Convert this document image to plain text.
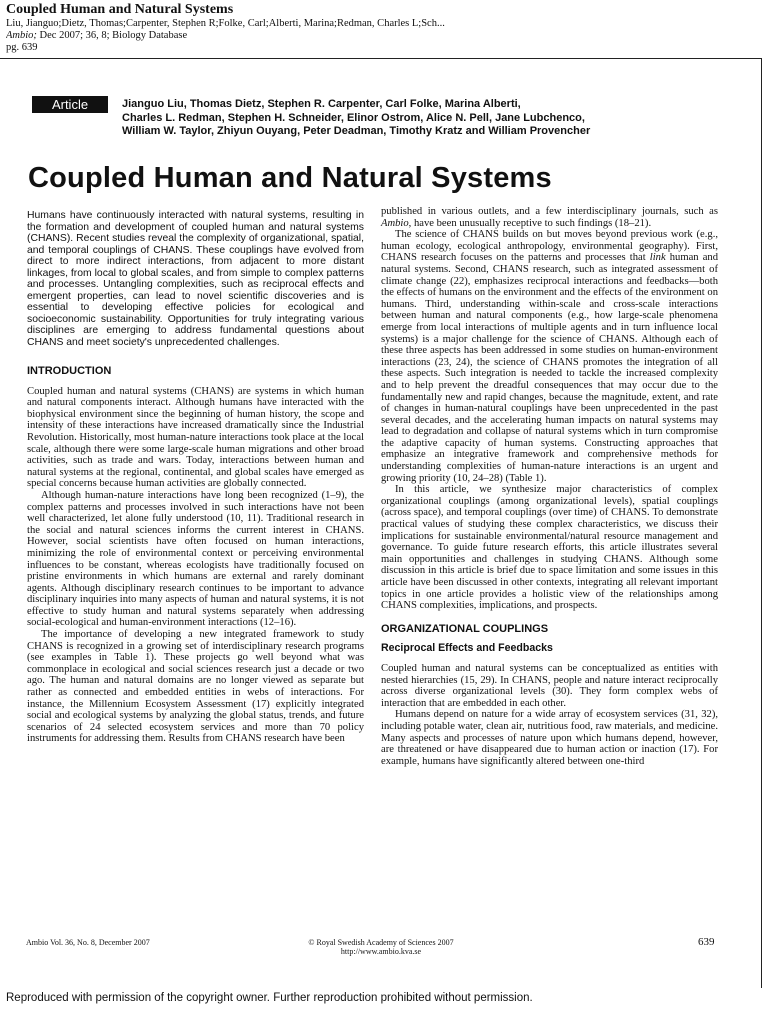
Coupled Human and Natural Systems
Liu, Jianguo;Dietz, Thomas;Carpenter, Stephen R;Folke, Carl;Alberti, Marina;Redman, Charles L;Sch...
Ambio; Dec 2007; 36, 8; Biology Database
pg. 639
Article	Jianguo Liu, Thomas Dietz, Stephen R. Carpenter, Carl Folke, Marina Alberti,
Charles L. Redman, Stephen H. Schneider, Elinor Ostrom, Alice N. Pell, Jane Lubchenco,
William W. Taylor, Zhiyun Ouyang, Peter Deadman, Timothy Kratz and William Provencher
Coupled Human and Natural Systems

Humans have continuously interacted with natural systems, resulting in the formation and development of coupled human and natural systems (CHANS). Recent studies reveal the complexity of organizational, spatial, and temporal couplings of CHANS. These couplings have evolved from direct to more indirect interactions, from adjacent to more distant linkages, from local to global scales, and from simple to complex patterns and processes. Untangling complexities, such as reciprocal effects and emergent properties, can lead to novel scientific discoveries and is essential to developing effective policies for ecological and socioeconomic sustainability. Opportunities for truly integrating various disciplines are emerging to address fundamental questions about CHANS and meet society's unprecedented challenges.

INTRODUCTION

Coupled human and natural systems (CHANS) are systems in which human and natural components interact. Although humans have interacted with the biophysical environment since the beginning of human history, the scope and intensity of these interactions have increased dramatically since the Industrial Revolution. Historically, most human-nature interactions took place at the local scale, although there were some large-scale human migrations and other broad activities, such as trade and wars. Today, interactions between human and natural systems at the regional, continental, and global scales have emerged as special concerns because human activities are globally connected.

Although human-nature interactions have long been recognized (1–9), the complex patterns and processes involved in such interactions have not been well characterized, let alone fully understood (10, 11). Traditional research in the social and natural sciences informs the current interest in CHANS. However, social scientists have often focused on human interactions, minimizing the role of environmental context or perceiving environmental influences to be constant, whereas ecologists have traditionally focused on pristine environments in which humans are external and rarely dominant agents. Although disciplinary research continues to be important to advance disciplinary inquiries into many aspects of human and natural systems, it is not effective to study human and natural systems separately when addressing social-ecological and human-environment interactions (12–16).

The importance of developing a new integrated framework to study CHANS is recognized in a growing set of interdisciplinary research programs (see examples in Table 1). These projects go well beyond what was commonplace in ecological and social sciences research just a decade or two ago. The human and natural domains are no longer viewed as separate but rather as connected and embedded entities in webs of interactions. For instance, the Millennium Ecosystem Assessment (17) explicitly integrated social and ecological systems by analyzing the global status, trends, and future scenarios of 24 selected ecosystem services and more than 70 policy instruments for addressing them. Results from CHANS research have been

published in various outlets, and a few interdisciplinary journals, such as Ambio, have been unusually receptive to such findings (18–21).

The science of CHANS builds on but moves beyond previous work (e.g., human ecology, ecological anthropology, environmental geography). First, CHANS research focuses on the patterns and processes that link human and natural systems. Second, CHANS research, such as integrated assessment of climate change (22), emphasizes reciprocal interactions and feedbacks—both the effects of humans on the environment and the effects of the environment on humans. Third, understanding within-scale and cross-scale interactions between human and natural components (e.g., how large-scale phenomena emerge from local interactions of multiple agents and in turn influence local systems) is a major challenge for the science of CHANS. Although each of these three aspects has been addressed in some studies on human-environment interactions (23, 24), the science of CHANS promotes the integration of all these aspects. Such integration is needed to tackle the increased complexity and to help prevent the dreadful consequences that may occur due to the fundamentally new and rapid changes, because the magnitude, extent, and rate of changes in human-natural couplings have been unprecedented in the past several decades, and the accelerating human impacts on natural systems may lead to degradation and collapse of natural systems which in turn compromise the adaptive capacity of human systems. Constructing approaches that emphasize an integrative framework and comprehensive methods for understanding complexities of human-nature interactions is an urgent and growing priority (10, 24–28) (Table 1).

In this article, we synthesize major characteristics of complex organizational couplings (among organizational levels), spatial couplings (across space), and temporal couplings (over time) of CHANS. To demonstrate practical values of studying these complex characteristics, we discuss their implications for sustainable environmental/natural resource management and governance. To guide future research efforts, this article illustrates several main opportunities and challenges in studying CHANS. Although some discussion in this article is brief due to space limitation and some issues in this article have been discussed in other contexts, integrating all relevant important topics in one article provides a holistic view of the relationships among CHANS complexities, implications, and prospects.

ORGANIZATIONAL COUPLINGS
Reciprocal Effects and Feedbacks

Coupled human and natural systems can be conceptualized as entities with nested hierarchies (15, 29). In CHANS, people and nature interact reciprocally across diverse organizational levels (30). They form complex webs of interaction that are embedded in each other.

Humans depend on nature for a wide array of ecosystem services (31, 32), including potable water, clean air, nutritious food, raw materials, and medicine. Many aspects and processes of nature upon which humans depend, however, are threatened or have disappeared due to human action or inaction (17). For example, humans have significantly altered between one-third

Ambio Vol. 36, No. 8, December 2007	© Royal Swedish Academy of Sciences 2007
http://www.ambio.kva.se
639
Reproduced with permission of the copyright owner. Further reproduction prohibited without permission.
